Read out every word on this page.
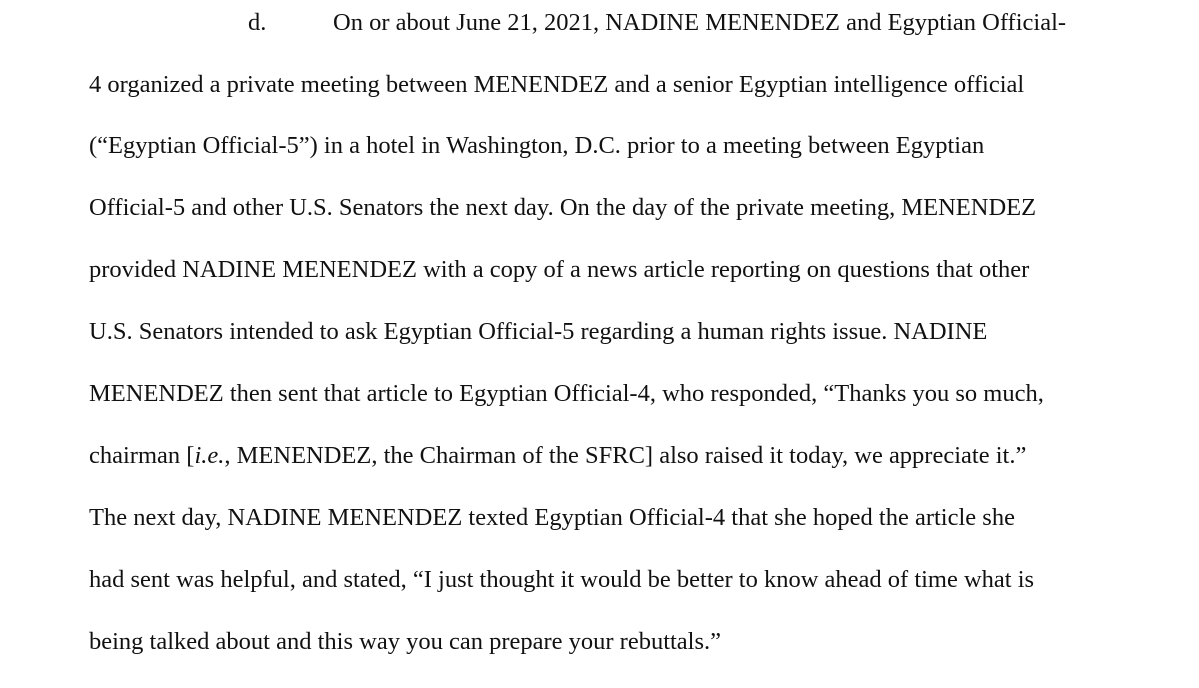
d.	On or about June 21, 2021, NADINE MENENDEZ and Egyptian Official-
4 organized a private meeting between MENENDEZ and a senior Egyptian intelligence official
(“Egyptian Official-5”) in a hotel in Washington, D.C. prior to a meeting between Egyptian
Official-5 and other U.S. Senators the next day. On the day of the private meeting, MENENDEZ
provided NADINE MENENDEZ with a copy of a news article reporting on questions that other
U.S. Senators intended to ask Egyptian Official-5 regarding a human rights issue. NADINE
MENENDEZ then sent that article to Egyptian Official-4, who responded, “Thanks you so much,
chairman [i.e., MENENDEZ, the Chairman of the SFRC] also raised it today, we appreciate it.”
The next day, NADINE MENENDEZ texted Egyptian Official-4 that she hoped the article she
had sent was helpful, and stated, “I just thought it would be better to know ahead of time what is
being talked about and this way you can prepare your rebuttals.”
